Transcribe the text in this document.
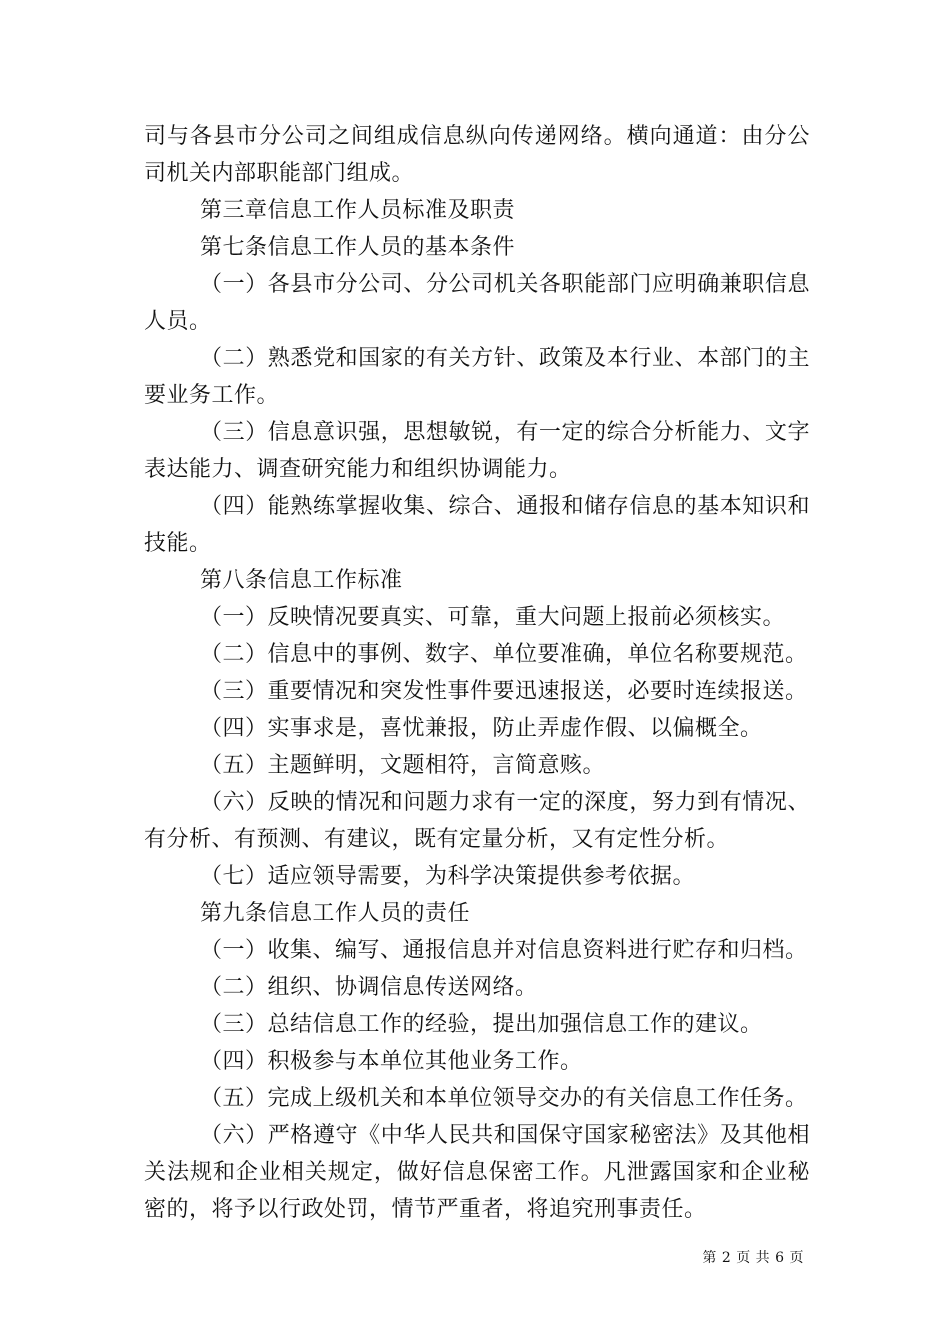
司与各县市分公司之间组成信息纵向传递网络。横向通道：由分公司机关内部职能部门组成。

第三章信息工作人员标准及职责

第七条信息工作人员的基本条件

（一）各县市分公司、分公司机关各职能部门应明确兼职信息人员。

（二）熟悉党和国家的有关方针、政策及本行业、本部门的主要业务工作。

（三）信息意识强，思想敏锐，有一定的综合分析能力、文字表达能力、调查研究能力和组织协调能力。

（四）能熟练掌握收集、综合、通报和储存信息的基本知识和技能。

第八条信息工作标准

（一）反映情况要真实、可靠，重大问题上报前必须核实。

（二）信息中的事例、数字、单位要准确，单位名称要规范。

（三）重要情况和突发性事件要迅速报送，必要时连续报送。

（四）实事求是，喜忧兼报，防止弄虚作假、以偏概全。

（五）主题鲜明，文题相符，言简意赅。

（六）反映的情况和问题力求有一定的深度，努力到有情况、有分析、有预测、有建议，既有定量分析，又有定性分析。

（七）适应领导需要，为科学决策提供参考依据。

第九条信息工作人员的责任

（一）收集、编写、通报信息并对信息资料进行贮存和归档。

（二）组织、协调信息传送网络。

（三）总结信息工作的经验，提出加强信息工作的建议。

（四）积极参与本单位其他业务工作。

（五）完成上级机关和本单位领导交办的有关信息工作任务。

（六）严格遵守《中华人民共和国保守国家秘密法》及其他相关法规和企业相关规定，做好信息保密工作。凡泄露国家和企业秘密的，将予以行政处罚，情节严重者，将追究刑事责任。

第 2 页 共 6 页
